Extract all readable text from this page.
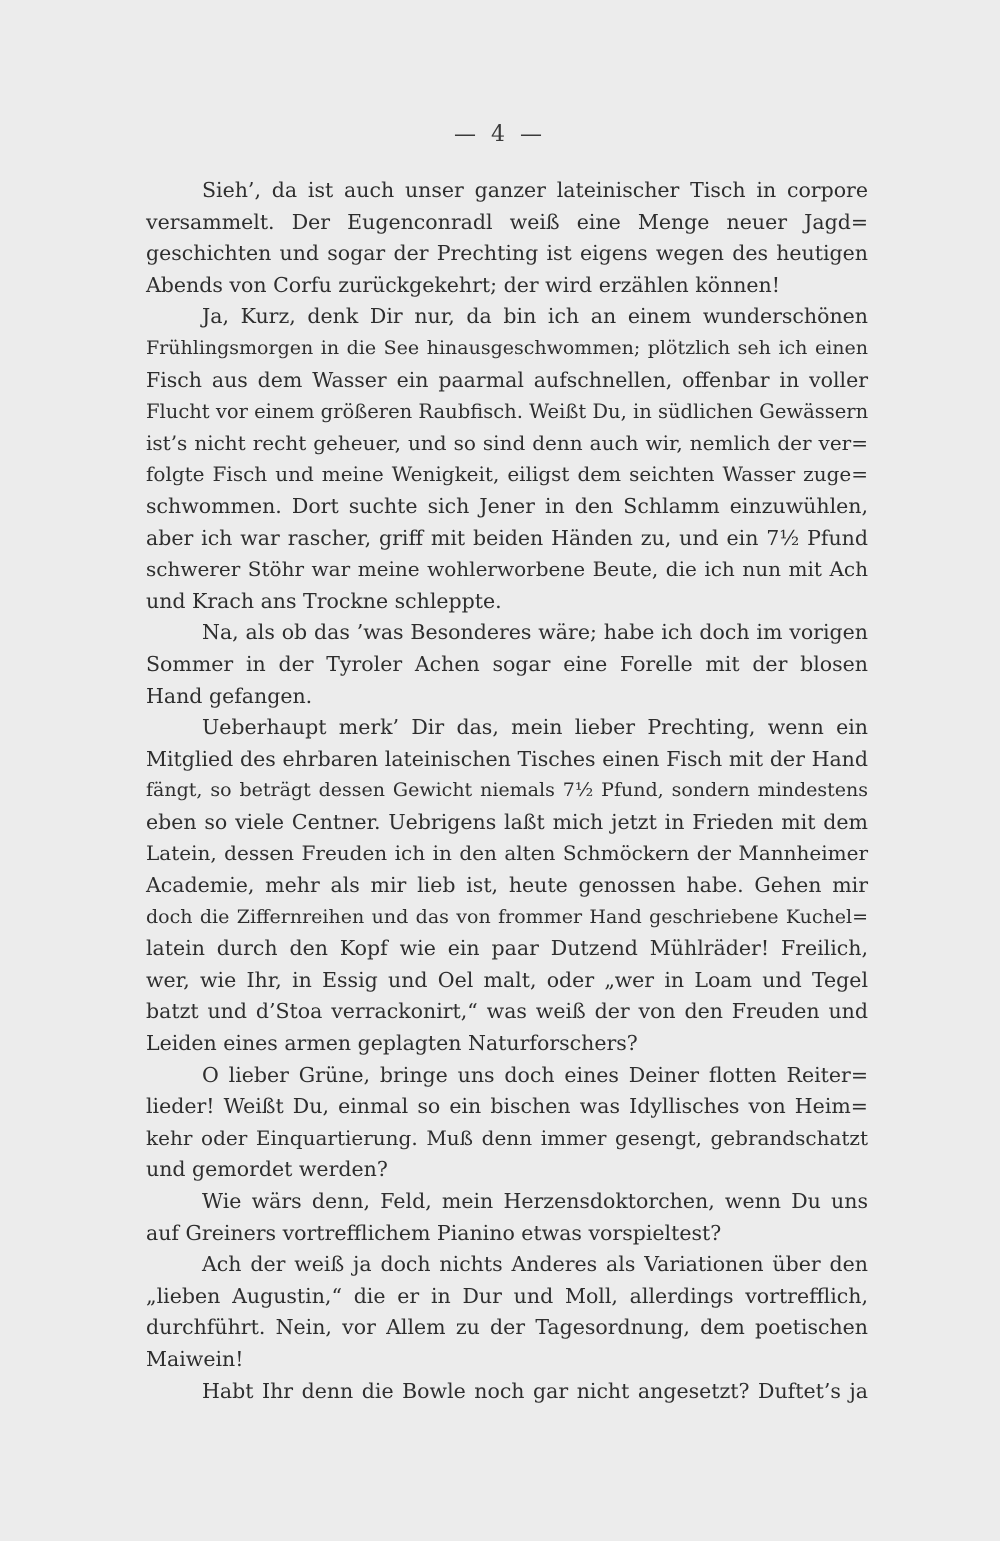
— 4 —
Sieh’, da ist auch unser ganzer lateinischer Tisch in corpore
versammelt. Der Eugenconradl weiß eine Menge neuer Jagd=
geschichten und sogar der Prechting ist eigens wegen des heutigen
Abends von Corfu zurückgekehrt; der wird erzählen können!
Ja, Kurz, denk Dir nur, da bin ich an einem wunderschönen
Frühlingsmorgen in die See hinausgeschwommen; plötzlich seh ich einen
Fisch aus dem Wasser ein paarmal aufschnellen, offenbar in voller
Flucht vor einem größeren Raubfisch. Weißt Du, in südlichen Gewässern
ist’s nicht recht geheuer, und so sind denn auch wir, nemlich der ver=
folgte Fisch und meine Wenigkeit, eiligst dem seichten Wasser zuge=
schwommen. Dort suchte sich Jener in den Schlamm einzuwühlen,
aber ich war rascher, griff mit beiden Händen zu, und ein 7½ Pfund
schwerer Stöhr war meine wohlerworbene Beute, die ich nun mit Ach
und Krach ans Trockne schleppte.
Na, als ob das ’was Besonderes wäre; habe ich doch im vorigen
Sommer in der Tyroler Achen sogar eine Forelle mit der blosen
Hand gefangen.
Ueberhaupt merk’ Dir das, mein lieber Prechting, wenn ein
Mitglied des ehrbaren lateinischen Tisches einen Fisch mit der Hand
fängt, so beträgt dessen Gewicht niemals 7½ Pfund, sondern mindestens
eben so viele Centner. Uebrigens laßt mich jetzt in Frieden mit dem
Latein, dessen Freuden ich in den alten Schmöckern der Mannheimer
Academie, mehr als mir lieb ist, heute genossen habe. Gehen mir
doch die Ziffernreihen und das von frommer Hand geschriebene Kuchel=
latein durch den Kopf wie ein paar Dutzend Mühlräder! Freilich,
wer, wie Ihr, in Essig und Oel malt, oder „wer in Loam und Tegel
batzt und d’Stoa verrackonirt,“ was weiß der von den Freuden und
Leiden eines armen geplagten Naturforschers?
O lieber Grüne, bringe uns doch eines Deiner flotten Reiter=
lieder! Weißt Du, einmal so ein bischen was Idyllisches von Heim=
kehr oder Einquartierung. Muß denn immer gesengt, gebrandschatzt
und gemordet werden?
Wie wärs denn, Feld, mein Herzensdoktorchen, wenn Du uns
auf Greiners vortrefflichem Pianino etwas vorspieltest?
Ach der weiß ja doch nichts Anderes als Variationen über den
„lieben Augustin,“ die er in Dur und Moll, allerdings vortrefflich,
durchführt. Nein, vor Allem zu der Tagesordnung, dem poetischen
Maiwein!
Habt Ihr denn die Bowle noch gar nicht angesetzt? Duftet’s ja
